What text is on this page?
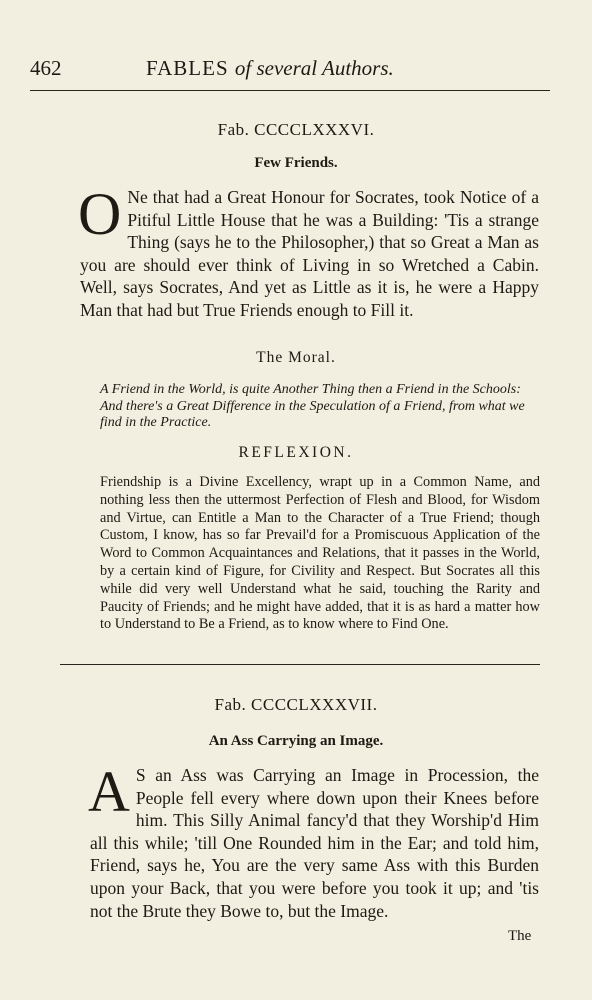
462	FABLES of several Authors.
Fab. CCCCLXXXVI.
Few Friends.
O Ne that had a Great Honour for Socrates, took Notice of a Pitiful Little House that he was a Building: 'Tis a strange Thing (says he to the Philosopher,) that so Great a Man as you are should ever think of Living in so Wretched a Cabin. Well, says Socrates, And yet as Little as it is, he were a Happy Man that had but True Friends enough to Fill it.
The Moral.
A Friend in the World, is quite Another Thing then a Friend in the Schools: And there's a Great Difference in the Speculation of a Friend, from what we find in the Practice.
REFLEXION.
Friendship is a Divine Excellency, wrapt up in a Common Name, and nothing less then the uttermost Perfection of Flesh and Blood, for Wisdom and Virtue, can Entitle a Man to the Character of a True Friend; though Custom, I know, has so far Prevail'd for a Promiscuous Application of the Word to Common Acquaintances and Relations, that it passes in the World, by a certain kind of Figure, for Civility and Respect. But Socrates all this while did very well Understand what he said, touching the Rarity and Paucity of Friends; and he might have added, that it is as hard a matter how to Understand to Be a Friend, as to know where to Find One.
Fab. CCCCLXXXVII.
An Ass Carrying an Image.
A S an Ass was Carrying an Image in Procession, the People fell every where down upon their Knees before him. This Silly Animal fancy'd that they Worship'd Him all this while; 'till One Rounded him in the Ear; and told him, Friend, says he, You are the very same Ass with this Burden upon your Back, that you were before you took it up; and 'tis not the Brute they Bowe to, but the Image.
The
